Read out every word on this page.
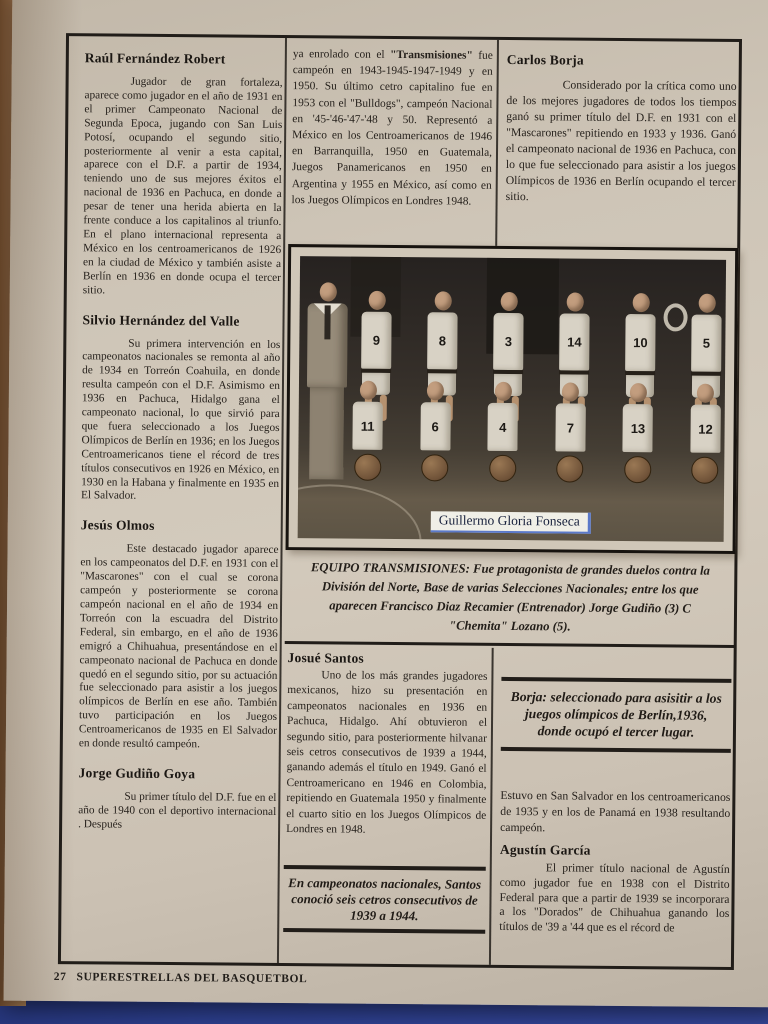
Raúl Fernández Robert

Jugador de gran fortaleza, aparece como jugador en el año de 1931 en el primer Campeonato Nacional de Segunda Epoca, jugando con San Luis Potosí, ocupando el segundo sitio, posteriormente al venir a esta capital, aparece con el D.F. a partir de 1934, teniendo uno de sus mejores éxitos el nacional de 1936 en Pachuca, en donde a pesar de tener una herida abierta en la frente conduce a los capitalinos al triunfo. En el plano internacional representa a México en los centroamericanos de 1926 en la ciudad de México y también asiste a Berlín en 1936 en donde ocupa el tercer sitio.

Silvio Hernández del Valle

Su primera intervención en los campeonatos nacionales se remonta al año de 1934 en Torreón Coahuila, en donde resulta campeón con el D.F. Asimismo en 1936 en Pachuca, Hidalgo gana el campeonato nacional, lo que sirvió para que fuera seleccionado a los Juegos Olímpicos de Berlín en 1936; en los Juegos Centroamericanos tiene el récord de tres títulos consecutivos en 1926 en México, en 1930 en la Habana y finalmente en 1935 en El Salvador.

Jesús Olmos

Este destacado jugador aparece en los campeonatos del D.F. en 1931 con el "Mascarones" con el cual se corona campeón y posteriormente se corona campeón nacional en el año de 1934 en Torreón con la escuadra del Distrito Federal, sin embargo, en el año de 1936 emigró a Chihuahua, presentándose en el campeonato nacional de Pachuca en donde quedó en el segundo sitio, por su actuación fue seleccionado para asistir a los juegos olímpicos de Berlín en ese año. También tuvo participación en los Juegos Centroamericanos de 1935 en El Salvador en donde resultó campeón.

Jorge Gudiño Goya

Su primer título del D.F. fue en el año de 1940 con el deportivo internacional . Después

ya enrolado con el "Transmisiones" fue campeón en 1943-1945-1947-1949 y en 1950. Su último cetro capitalino fue en 1953 con el "Bulldogs", campeón Nacional en '45-'46-'47-'48 y 50. Representó a México en los Centroamericanos de 1946 en Barranquilla, 1950 en Guatemala, Juegos Panamericanos en 1950 en Argentina y 1955 en México, así como en los Juegos Olímpicos en Londres 1948.
Carlos Borja

Considerado por la crítica como uno de los mejores jugadores de todos los tiempos ganó su primer título del D.F. en 1931 con el "Mascarones" repitiendo en 1933 y 1936. Ganó el campeonato nacional de 1936 en Pachuca, con lo que fue seleccionado para asistir a los juegos Olímpicos de 1936 en Berlín ocupando el tercer sitio.

9	8	3	14	10	5
11	6	4	7	13	12
Guillermo Gloria Fonseca
EQUIPO TRANSMISIONES: Fue protagonista de grandes duelos contra la División del Norte, Base de varias Selecciones Nacionales; entre los que aparecen Francisco Diaz Recamier (Entrenador) Jorge Gudiño (3) C "Chemita" Lozano (5).
Josué Santos

Uno de los más grandes jugadores mexicanos, hizo su presentación en campeonatos nacionales en 1936 en Pachuca, Hidalgo. Ahí obtuvieron el segundo sitio, para posteriormente hilvanar seis cetros consecutivos de 1939 a 1944, ganando además el título en 1949. Ganó el Centroamericano en 1946 en Colombia, repitiendo en Guatemala 1950 y finalmente el cuarto sitio en los Juegos Olímpicos de Londres en 1948.

En campeonatos nacionales, Santos conoció seis cetros consecutivos de 1939 a 1944.
Borja: seleccionado para asisitir a los juegos olímpicos de Berlín,1936, donde ocupó el tercer lugar.
Estuvo en San Salvador en los centroamericanos de 1935 y en los de Panamá en 1938 resultando campeón.
Agustín García

El primer título nacional de Agustín como jugador fue en 1938 con el Distrito Federal para que a partir de 1939 se incorporara a los "Dorados" de Chihuahua ganando los títulos de '39 a '44 que es el récord de

27 SUPERESTRELLAS DEL BASQUETBOL
